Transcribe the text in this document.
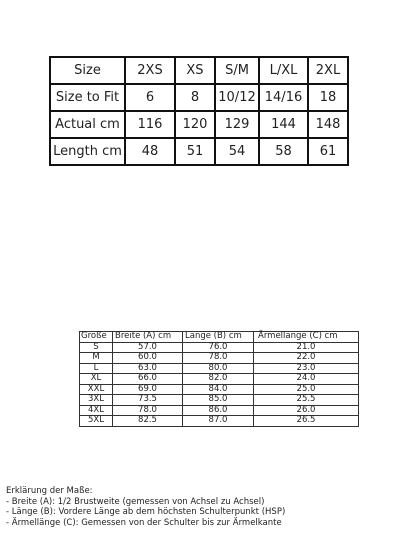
Size	2XS	XS	S/M	L/XL	2XL
Size to Fit	6	8	10/12	14/16	18
Actual cm	116	120	129	144	148
Length cm	48	51	54	58	61
Große	Breite (A) cm	Länge (B) cm	Ärmellänge (C) cm
S	57.0	76.0	21.0
M	60.0	78.0	22.0
L	63.0	80.0	23.0
XL	66.0	82.0	24.0
XXL	69.0	84.0	25.0
3XL	73.5	85.0	25.5
4XL	78.0	86.0	26.0
5XL	82.5	87.0	26.5
Erklärung der Maße:
- Breite (A): 1/2 Brustweite (gemessen von Achsel zu Achsel)
- Länge (B): Vordere Länge ab dem höchsten Schulterpunkt (HSP)
- Ärmellänge (C): Gemessen von der Schulter bis zur Ärmelkante
